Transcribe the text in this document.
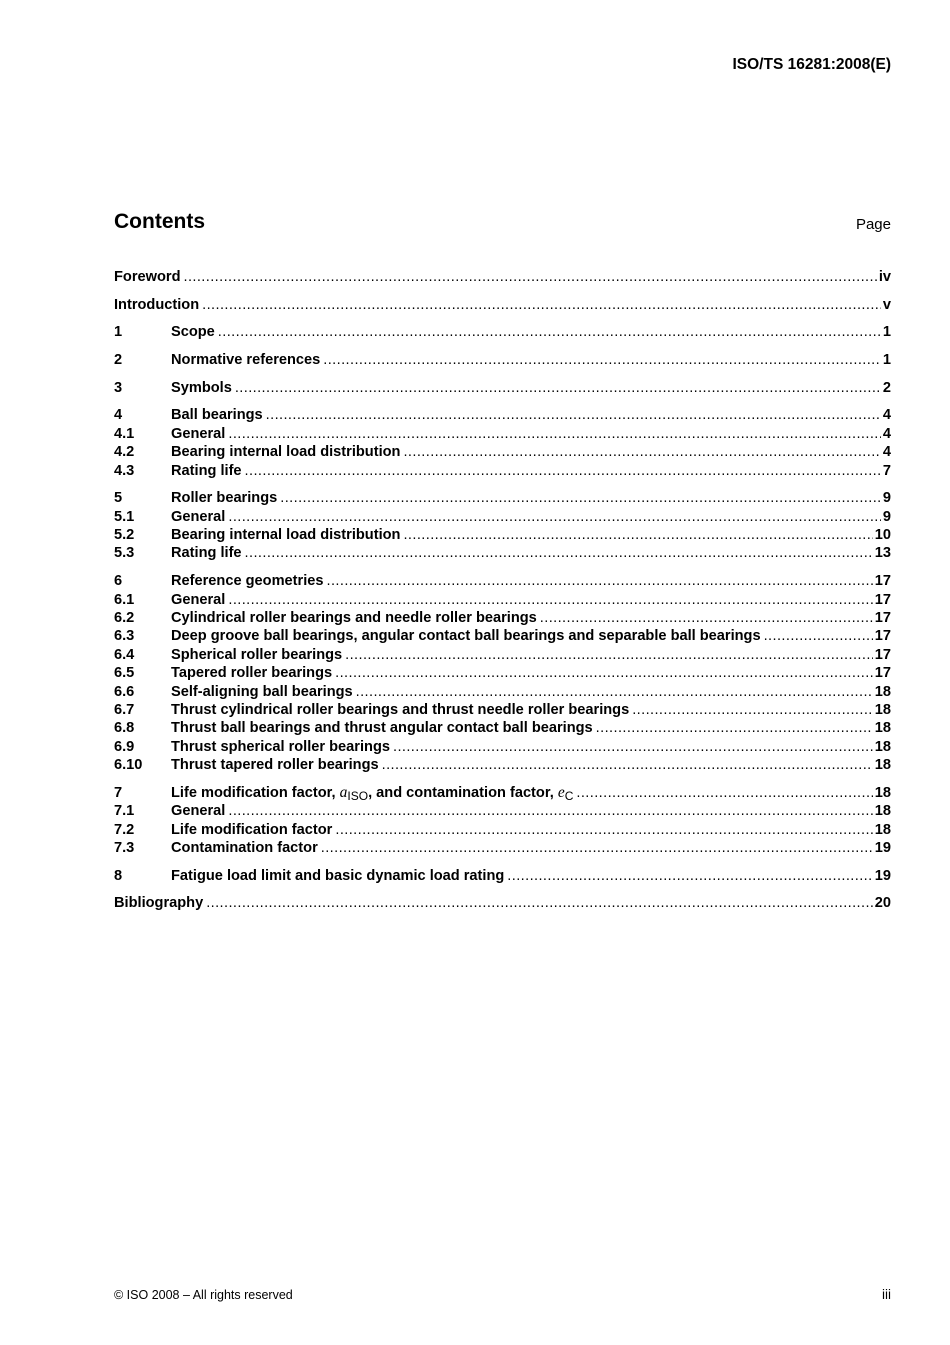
ISO/TS 16281:2008(E)
Contents	Page
Foreword .....	iv
Introduction .....	v
1	Scope .....	1
2	Normative references .....	1
3	Symbols .....	2
4	Ball bearings .....	4
4.1	General .....	4
4.2	Bearing internal load distribution .....	4
4.3	Rating life .....	7
5	Roller bearings .....	9
5.1	General .....	9
5.2	Bearing internal load distribution .....	10
5.3	Rating life .....	13
6	Reference geometries .....	17
6.1	General .....	17
6.2	Cylindrical roller bearings and needle roller bearings .....	17
6.3	Deep groove ball bearings, angular contact ball bearings and separable ball bearings .....	17
6.4	Spherical roller bearings .....	17
6.5	Tapered roller bearings .....	17
6.6	Self-aligning ball bearings .....	18
6.7	Thrust cylindrical roller bearings and thrust needle roller bearings .....	18
6.8	Thrust ball bearings and thrust angular contact ball bearings .....	18
6.9	Thrust spherical roller bearings .....	18
6.10	Thrust tapered roller bearings .....	18
7	Life modification factor, $a_{ISO}$, and contamination factor, $e_C$ .....	18
7.1	General .....	18
7.2	Life modification factor .....	18
7.3	Contamination factor .....	19
8	Fatigue load limit and basic dynamic load rating .....	19
Bibliography .....	20
© ISO 2008 – All rights reserved	iii
